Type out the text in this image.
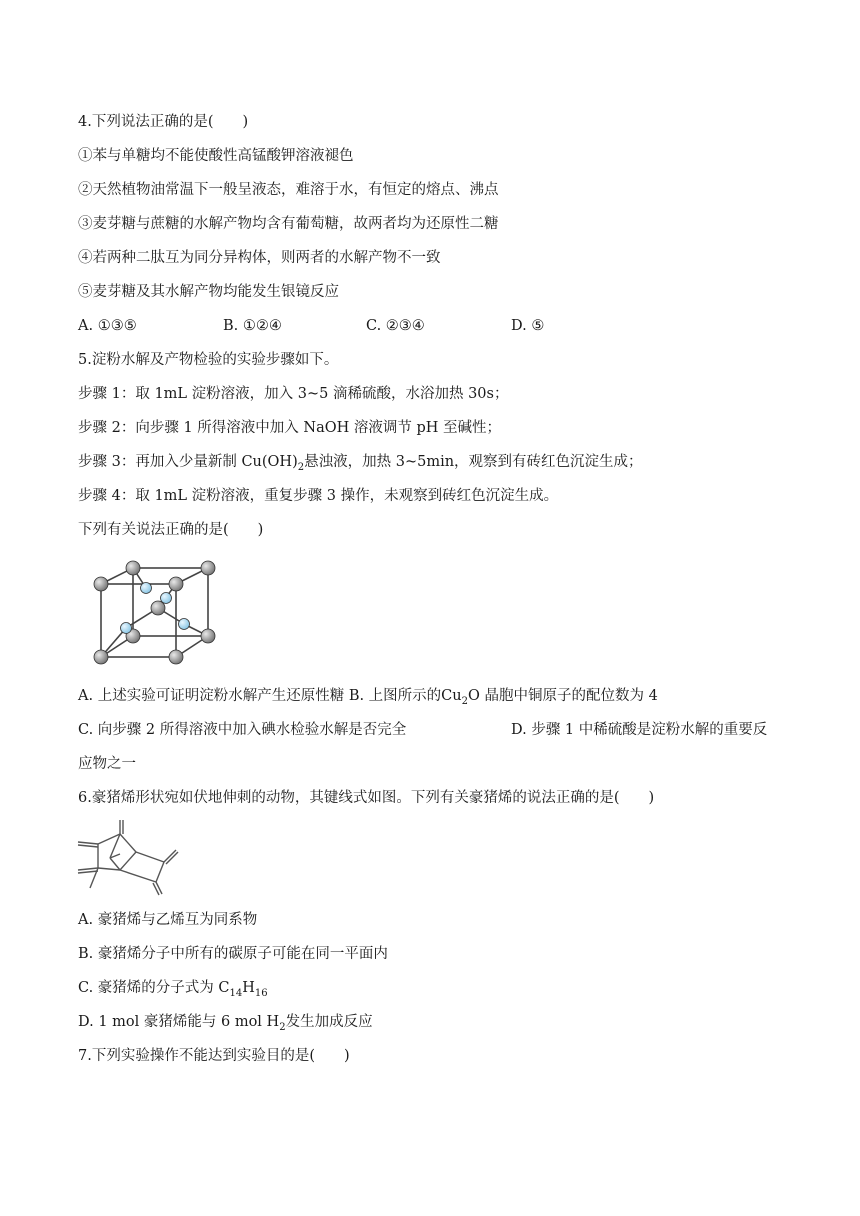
4.下列说法正确的是(　　)
①苯与单糖均不能使酸性高锰酸钾溶液褪色
②天然植物油常温下一般呈液态，难溶于水，有恒定的熔点、沸点
③麦芽糖与蔗糖的水解产物均含有葡萄糖，故两者均为还原性二糖
④若两种二肽互为同分异构体，则两者的水解产物不一致
⑤麦芽糖及其水解产物均能发生银镜反应
A. ①③⑤	B. ①②④	C. ②③④	D. ⑤
5.淀粉水解及产物检验的实验步骤如下。
步骤 1：取 1mL 淀粉溶液，加入 3~5 滴稀硫酸，水浴加热 30s；
步骤 2：向步骤 1 所得溶液中加入 NaOH 溶液调节 pH 至碱性；
步骤 3：再加入少量新制 $Cu(OH)_2$悬浊液，加热 3~5min，观察到有砖红色沉淀生成；
步骤 4：取 1mL 淀粉溶液，重复步骤 3 操作，未观察到砖红色沉淀生成。
下列有关说法正确的是(　　)
A. 上述实验可证明淀粉水解产生还原性糖 B. 上图所示的$Cu_2O$ 晶胞中铜原子的配位数为 4
C. 向步骤 2 所得溶液中加入碘水检验水解是否完全	D. 步骤 1 中稀硫酸是淀粉水解的重要反
应物之一
6.豪猪烯形状宛如伏地伸刺的动物，其键线式如图。下列有关豪猪烯的说法正确的是(　　)
A. 豪猪烯与乙烯互为同系物
B. 豪猪烯分子中所有的碳原子可能在同一平面内
C. 豪猪烯的分子式为 $C_{14}H_{16}$
D. 1 mol 豪猪烯能与 6 mol $H_2$发生加成反应
7.下列实验操作不能达到实验目的是(　　)
